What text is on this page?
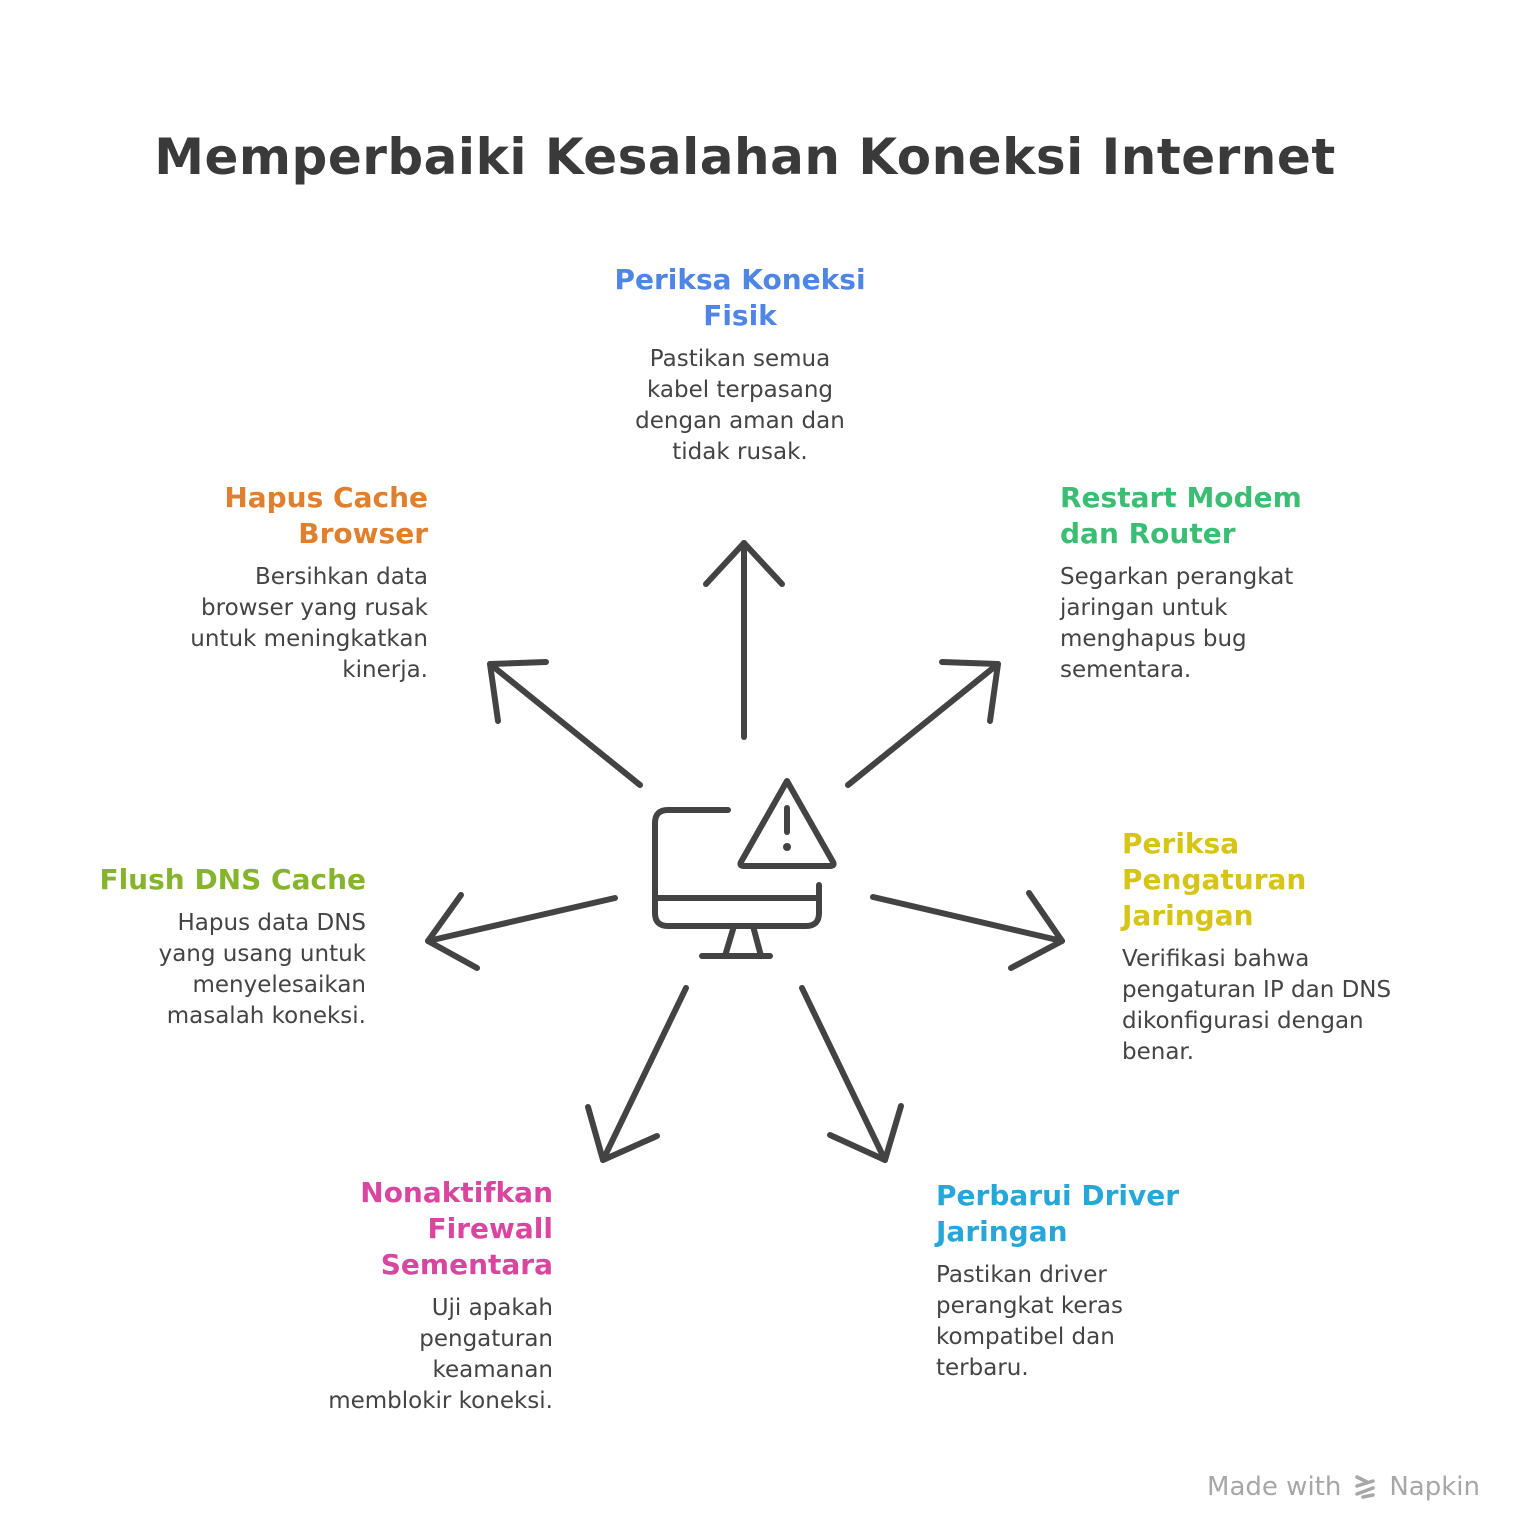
Memperbaiki Kesalahan Koneksi Internet
Periksa Koneksi
Fisik

Pastikan semua
kabel terpasang
dengan aman dan
tidak rusak.

Restart Modem
dan Router

Segarkan perangkat
jaringan untuk
menghapus bug
sementara.

Periksa
Pengaturan
Jaringan

Verifikasi bahwa
pengaturan IP dan DNS
dikonfigurasi dengan
benar.

Perbarui Driver
Jaringan

Pastikan driver
perangkat keras
kompatibel dan
terbaru.

Nonaktifkan
Firewall
Sementara

Uji apakah
pengaturan
keamanan
memblokir koneksi.

Flush DNS Cache

Hapus data DNS
yang usang untuk
menyelesaikan
masalah koneksi.

Hapus Cache
Browser

Bersihkan data
browser yang rusak
untuk meningkatkan
kinerja.

Made with Napkin
